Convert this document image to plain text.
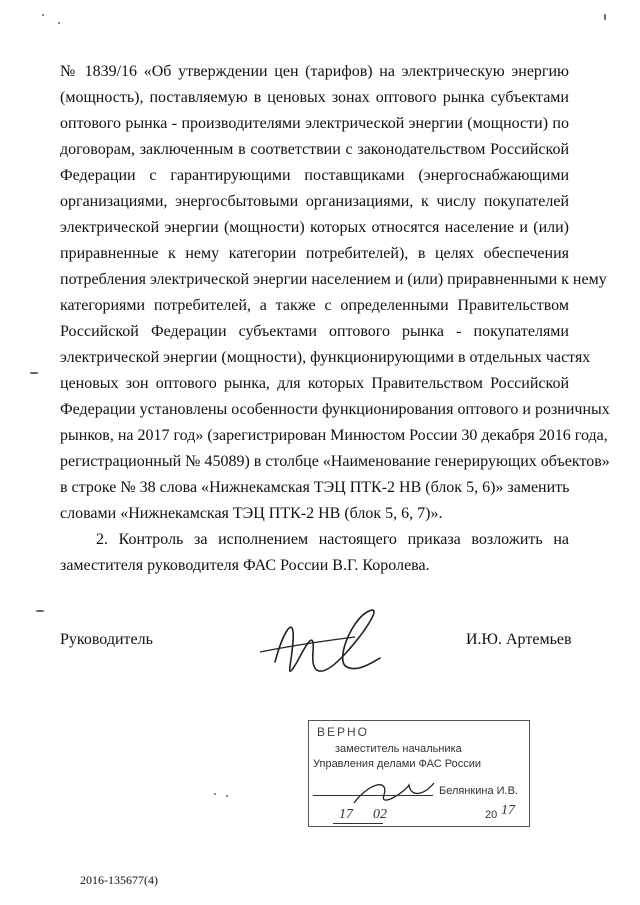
№ 1839/16 «Об утверждении цен (тарифов) на электрическую энергию
(мощность), поставляемую в ценовых зонах оптового рынка субъектами
оптового рынка - производителями электрической энергии (мощности) по
договорам, заключенным в соответствии с законодательством Российской
Федерации с гарантирующими поставщиками (энергоснабжающими
организациями, энергосбытовыми организациями, к числу покупателей
электрической энергии (мощности) которых относятся население и (или)
приравненные к нему категории потребителей), в целях обеспечения
потребления электрической энергии населением и (или) приравненными к нему
категориями потребителей, а также с определенными Правительством
Российской Федерации субъектами оптового рынка - покупателями
электрической энергии (мощности), функционирующими в отдельных частях
ценовых зон оптового рынка, для которых Правительством Российской
Федерации установлены особенности функционирования оптового и розничных
рынков, на 2017 год» (зарегистрирован Минюстом России 30 декабря 2016 года,
регистрационный № 45089) в столбце «Наименование генерирующих объектов»
в строке № 38 слова «Нижнекамская ТЭЦ ПТК-2 НВ (блок 5, 6)» заменить
словами «Нижнекамская ТЭЦ ПТК-2 НВ (блок 5, 6, 7)».
2. Контроль за исполнением настоящего приказа возложить на
заместителя руководителя ФАС России В.Г. Королева.
Руководитель	И.Ю. Артемьев
ВЕРНО
заместитель начальника
Управления делами ФАС России
Белянкина И.В.
17 02	20 17
2016-135677(4)
